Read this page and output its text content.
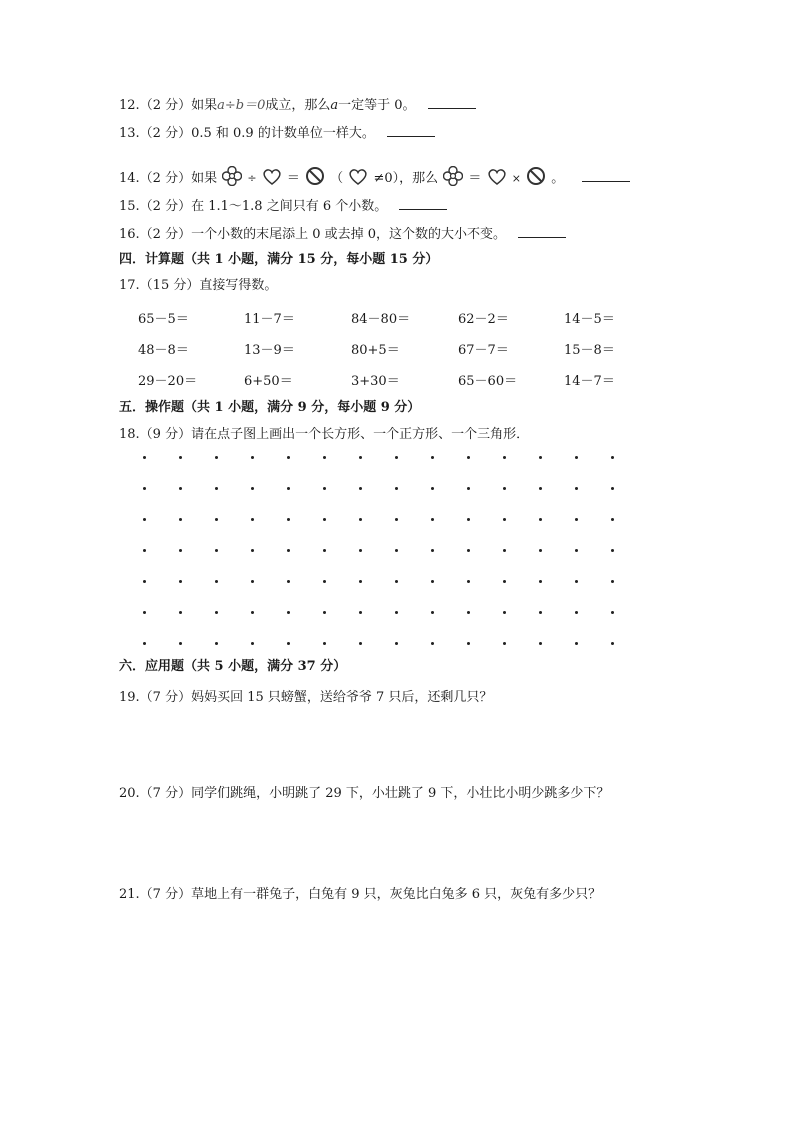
12.（2 分）如果a÷b＝0成立，那么a一定等于 0。
13.（2 分）0.5 和 0.9 的计数单位一样大。
14.（2 分）如果	÷ ＝ （ ≠0），那么 ＝	× 。
15.（2 分）在 1.1～1.8 之间只有 6 个小数。
16.（2 分）一个小数的末尾添上 0 或去掉 0，这个数的大小不变。
四．计算题（共 1 小题，满分 15 分，每小题 15 分）
17.（15 分）直接写得数。
65－5＝	11－7＝	84－80＝	62－2＝	14－5＝
48－8＝	13－9＝	80+5＝	67－7＝	15－8＝
29－20＝	6+50＝	3+30＝	65－60＝	14－7＝
五．操作题（共 1 小题，满分 9 分，每小题 9 分）
18.（9 分）请在点子图上画出一个长方形、一个正方形、一个三角形．
六．应用题（共 5 小题，满分 37 分）
19.（7 分）妈妈买回 15 只螃蟹，送给爷爷 7 只后，还剩几只？
20.（7 分）同学们跳绳，小明跳了 29 下，小壮跳了 9 下，小壮比小明少跳多少下？
21.（7 分）草地上有一群兔子，白兔有 9 只，灰兔比白兔多 6 只，灰兔有多少只？
